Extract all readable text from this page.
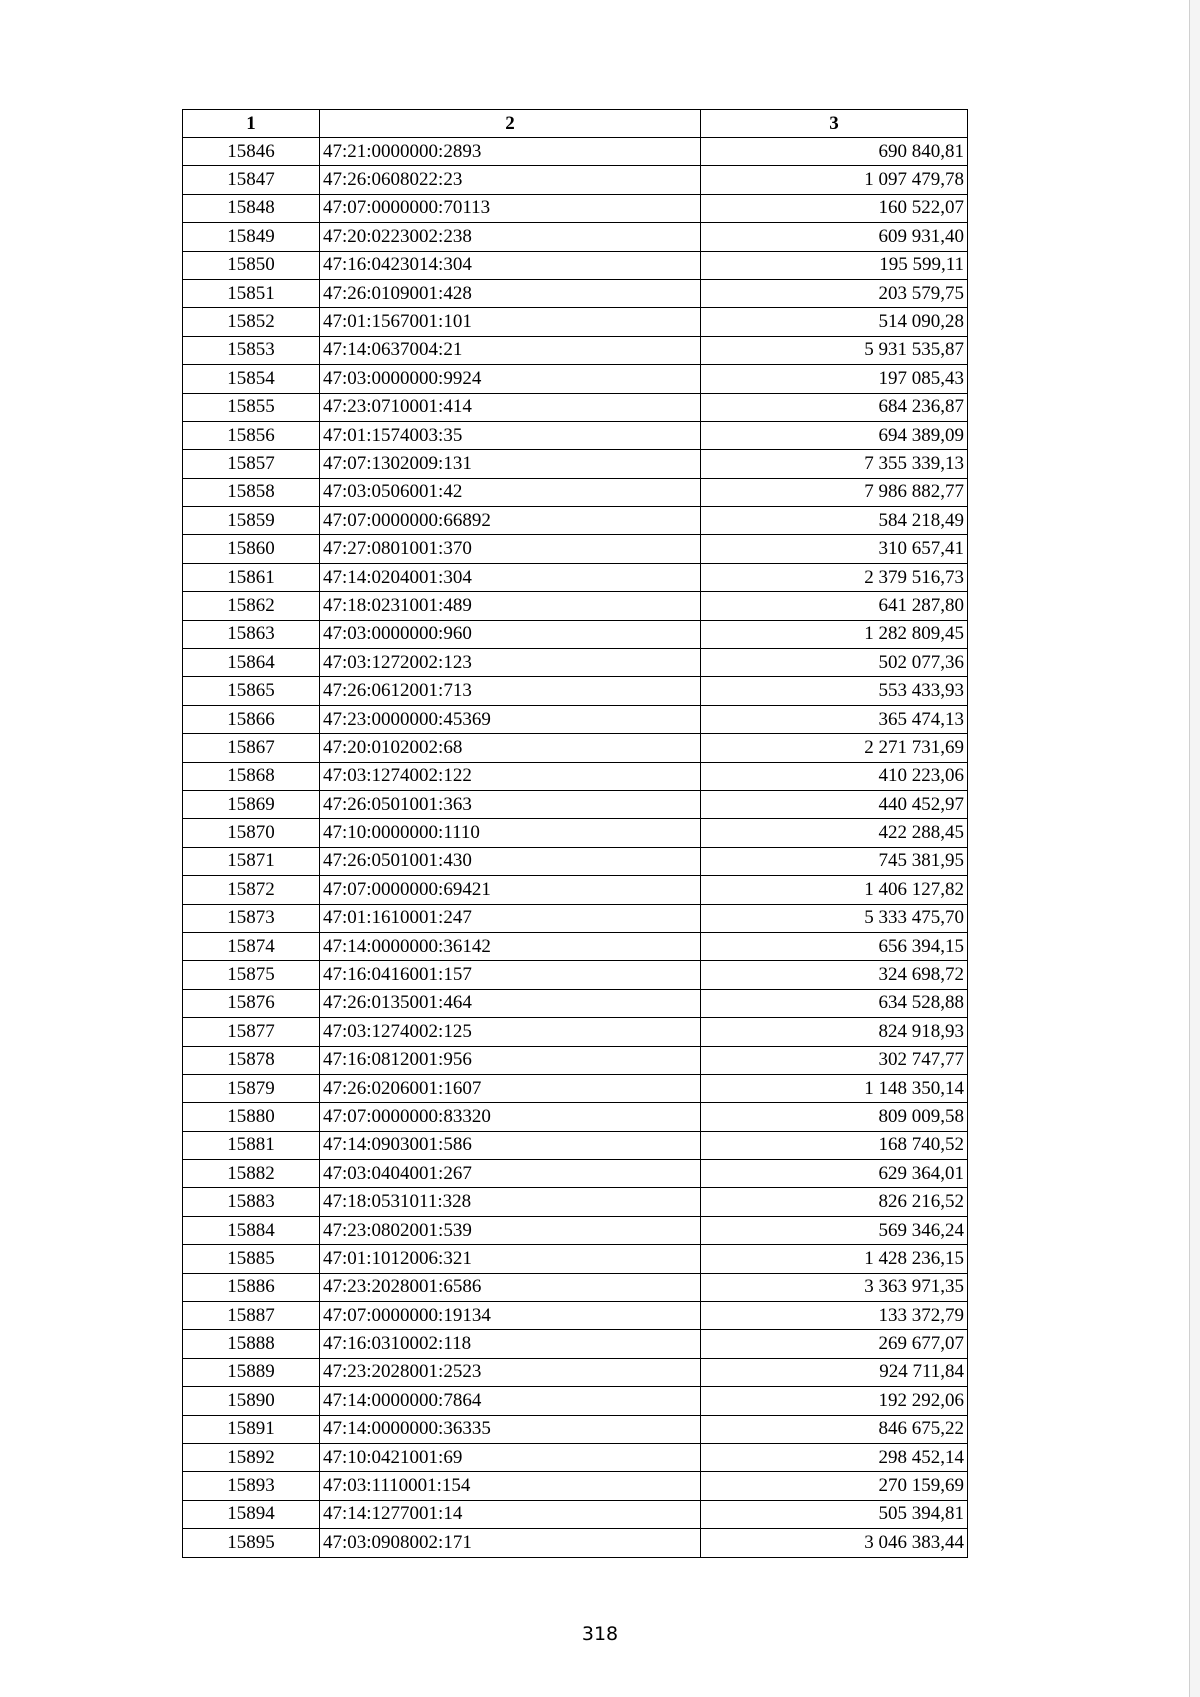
1	2	3
15846	47:21:0000000:2893	690 840,81
15847	47:26:0608022:23	1 097 479,78
15848	47:07:0000000:70113	160 522,07
15849	47:20:0223002:238	609 931,40
15850	47:16:0423014:304	195 599,11
15851	47:26:0109001:428	203 579,75
15852	47:01:1567001:101	514 090,28
15853	47:14:0637004:21	5 931 535,87
15854	47:03:0000000:9924	197 085,43
15855	47:23:0710001:414	684 236,87
15856	47:01:1574003:35	694 389,09
15857	47:07:1302009:131	7 355 339,13
15858	47:03:0506001:42	7 986 882,77
15859	47:07:0000000:66892	584 218,49
15860	47:27:0801001:370	310 657,41
15861	47:14:0204001:304	2 379 516,73
15862	47:18:0231001:489	641 287,80
15863	47:03:0000000:960	1 282 809,45
15864	47:03:1272002:123	502 077,36
15865	47:26:0612001:713	553 433,93
15866	47:23:0000000:45369	365 474,13
15867	47:20:0102002:68	2 271 731,69
15868	47:03:1274002:122	410 223,06
15869	47:26:0501001:363	440 452,97
15870	47:10:0000000:1110	422 288,45
15871	47:26:0501001:430	745 381,95
15872	47:07:0000000:69421	1 406 127,82
15873	47:01:1610001:247	5 333 475,70
15874	47:14:0000000:36142	656 394,15
15875	47:16:0416001:157	324 698,72
15876	47:26:0135001:464	634 528,88
15877	47:03:1274002:125	824 918,93
15878	47:16:0812001:956	302 747,77
15879	47:26:0206001:1607	1 148 350,14
15880	47:07:0000000:83320	809 009,58
15881	47:14:0903001:586	168 740,52
15882	47:03:0404001:267	629 364,01
15883	47:18:0531011:328	826 216,52
15884	47:23:0802001:539	569 346,24
15885	47:01:1012006:321	1 428 236,15
15886	47:23:2028001:6586	3 363 971,35
15887	47:07:0000000:19134	133 372,79
15888	47:16:0310002:118	269 677,07
15889	47:23:2028001:2523	924 711,84
15890	47:14:0000000:7864	192 292,06
15891	47:14:0000000:36335	846 675,22
15892	47:10:0421001:69	298 452,14
15893	47:03:1110001:154	270 159,69
15894	47:14:1277001:14	505 394,81
15895	47:03:0908002:171	3 046 383,44
318
